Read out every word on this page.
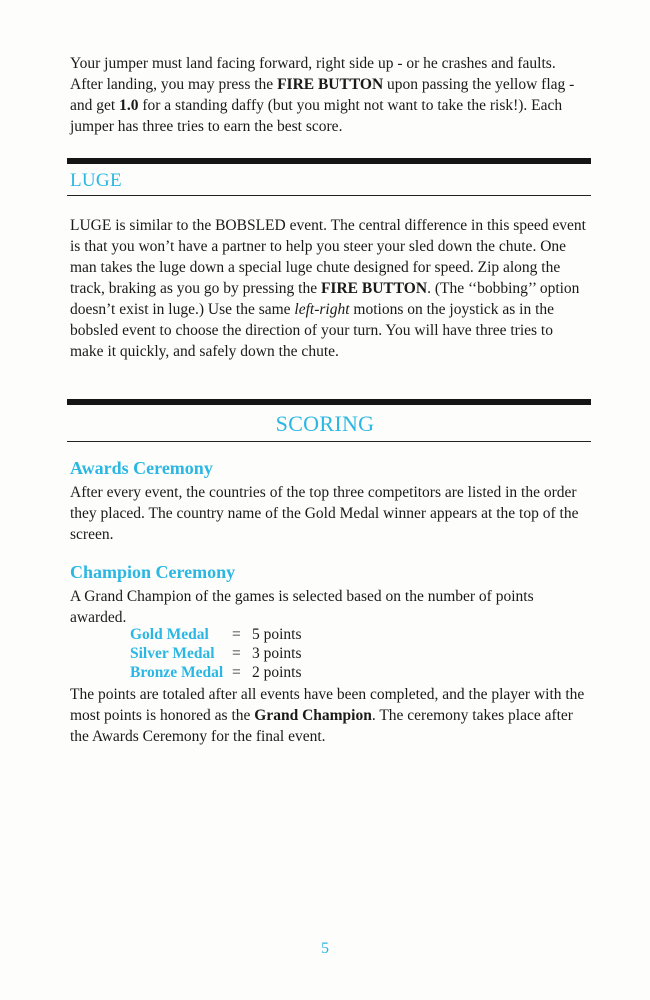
Your jumper must land facing forward, right side up - or he crashes and faults. After landing, you may press the FIRE BUTTON upon passing the yellow flag - and get 1.0 for a standing daffy (but you might not want to take the risk!). Each jumper has three tries to earn the best score.

LUGE

LUGE is similar to the BOBSLED event. The central difference in this speed event is that you won’t have a partner to help you steer your sled down the chute. One man takes the luge down a special luge chute designed for speed. Zip along the track, braking as you go by pressing the FIRE BUTTON. (The ‘‘bobbing’’ option doesn’t exist in luge.) Use the same left-right motions on the joystick as in the bobsled event to choose the direction of your turn. You will have three tries to make it quickly, and safely down the chute.

SCORING
Awards Ceremony

After every event, the countries of the top three competitors are listed in the order they placed. The country name of the Gold Medal winner appears at the top of the screen.

Champion Ceremony

A Grand Champion of the games is selected based on the number of points awarded.

Gold Medal	= 5 points
Silver Medal	= 3 points
Bronze Medal = 2 points

The points are totaled after all events have been completed, and the player with the most points is honored as the Grand Champion. The ceremony takes place after the Awards Ceremony for the final event.

5
